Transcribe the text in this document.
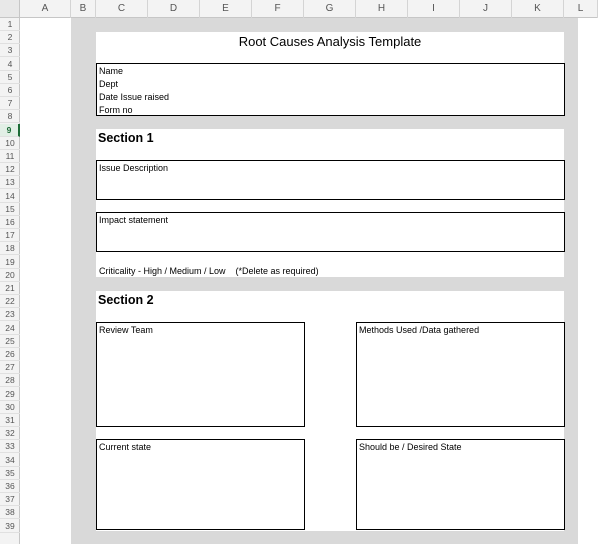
A	B	C	D	E	F	G	H	I	J	K	L
1
2
3
4
5
6
7
8
9
10
11
12
13
14
15
16
17
18
19
20
21
22
23
24
25
26
27
28
29
30
31
32
33
34
35
36
37
38
39
Root Causes Analysis Template
Name
Dept
Date Issue raised
Form no
Section 1
Issue Description
Impact statement
Criticality - High / Medium / Low    (*Delete as required)
Section 2
Review Team	Methods Used /Data gathered
Current state	Should be / Desired State
